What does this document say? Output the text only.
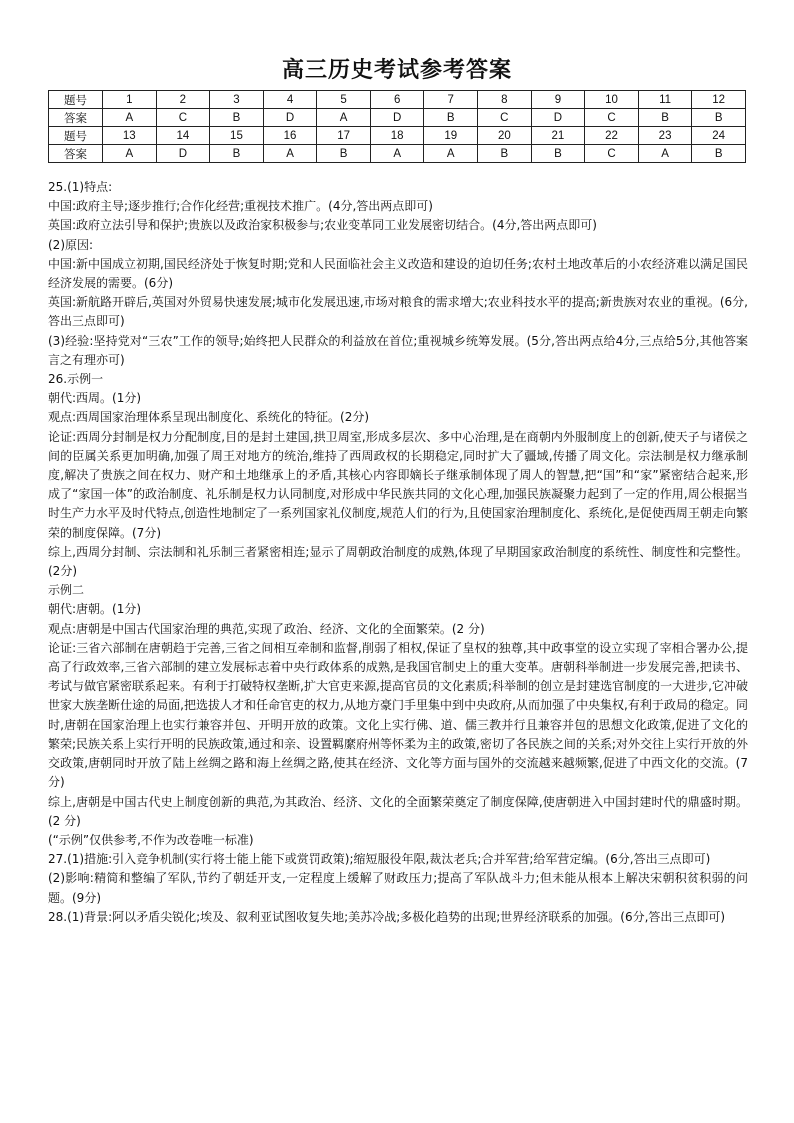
高三历史考试参考答案
题号	1	2	3	4	5	6	7	8	9	10	11	12
答案	A	C	B	D	A	D	B	C	D	C	B	B
题号	13	14	15	16	17	18	19	20	21	22	23	24
答案	A	D	B	A	B	A	A	B	B	C	A	B

25.(1)特点:

中国:政府主导;逐步推行;合作化经营;重视技术推广。(4分,答出两点即可)

英国:政府立法引导和保护;贵族以及政治家积极参与;农业变革同工业发展密切结合。(4分,答出两点即可)

(2)原因:

中国:新中国成立初期,国民经济处于恢复时期;党和人民面临社会主义改造和建设的迫切任务;农村土地改革后的小农经济难以满足国民经济发展的需要。(6分)

英国:新航路开辟后,英国对外贸易快速发展;城市化发展迅速,市场对粮食的需求增大;农业科技水平的提高;新贵族对农业的重视。(6分,答出三点即可)

(3)经验:坚持党对“三农”工作的领导;始终把人民群众的利益放在首位;重视城乡统筹发展。(5分,答出两点给4分,三点给5分,其他答案言之有理亦可)

26.示例一

朝代:西周。(1分)

观点:西周国家治理体系呈现出制度化、系统化的特征。(2分)

论证:西周分封制是权力分配制度,目的是封土建国,拱卫周室,形成多层次、多中心治理,是在商朝内外服制度上的创新,使天子与诸侯之间的臣属关系更加明确,加强了周王对地方的统治,维持了西周政权的长期稳定,同时扩大了疆域,传播了周文化。宗法制是权力继承制度,解决了贵族之间在权力、财产和土地继承上的矛盾,其核心内容即嫡长子继承制体现了周人的智慧,把“国”和“家”紧密结合起来,形成了“家国一体”的政治制度、礼乐制是权力认同制度,对形成中华民族共同的文化心理,加强民族凝聚力起到了一定的作用,周公根据当时生产力水平及时代特点,创造性地制定了一系列国家礼仪制度,规范人们的行为,且使国家治理制度化、系统化,是促使西周王朝走向繁荣的制度保障。(7分)

综上,西周分封制、宗法制和礼乐制三者紧密相连;显示了周朝政治制度的成熟,体现了早期国家政治制度的系统性、制度性和完整性。(2分)

示例二

朝代:唐朝。(1分)

观点:唐朝是中国古代国家治理的典范,实现了政治、经济、文化的全面繁荣。(2 分)

论证:三省六部制在唐朝趋于完善,三省之间相互牵制和监督,削弱了相权,保证了皇权的独尊,其中政事堂的设立实现了宰相合署办公,提高了行政效率,三省六部制的建立发展标志着中央行政体系的成熟,是我国官制史上的重大变革。唐朝科举制进一步发展完善,把读书、考试与做官紧密联系起来。有利于打破特权垄断,扩大官吏来源,提高官员的文化素质;科举制的创立是封建选官制度的一大进步,它冲破世家大族垄断仕途的局面,把选拔人才和任命官吏的权力,从地方豪门手里集中到中央政府,从而加强了中央集权,有利于政局的稳定。同时,唐朝在国家治理上也实行兼容并包、开明开放的政策。文化上实行佛、道、儒三教并行且兼容并包的思想文化政策,促进了文化的繁荣;民族关系上实行开明的民族政策,通过和亲、设置羁縻府州等怀柔为主的政策,密切了各民族之间的关系;对外交往上实行开放的外交政策,唐朝同时开放了陆上丝绸之路和海上丝绸之路,使其在经济、文化等方面与国外的交流越来越频繁,促进了中西文化的交流。(7 分)

综上,唐朝是中国古代史上制度创新的典范,为其政治、经济、文化的全面繁荣奠定了制度保障,使唐朝进入中国封建时代的鼎盛时期。(2 分)

(“示例”仅供参考,不作为改卷唯一标准)

27.(1)措施:引入竞争机制(实行将士能上能下或赏罚政策);缩短服役年限,裁汰老兵;合并军营;给军营定编。(6分,答出三点即可)

(2)影响:精简和整编了军队,节约了朝廷开支,一定程度上缓解了财政压力;提高了军队战斗力;但未能从根本上解决宋朝积贫积弱的问题。(9分)

28.(1)背景:阿以矛盾尖锐化;埃及、叙利亚试图收复失地;美苏冷战;多极化趋势的出现;世界经济联系的加强。(6分,答出三点即可)
